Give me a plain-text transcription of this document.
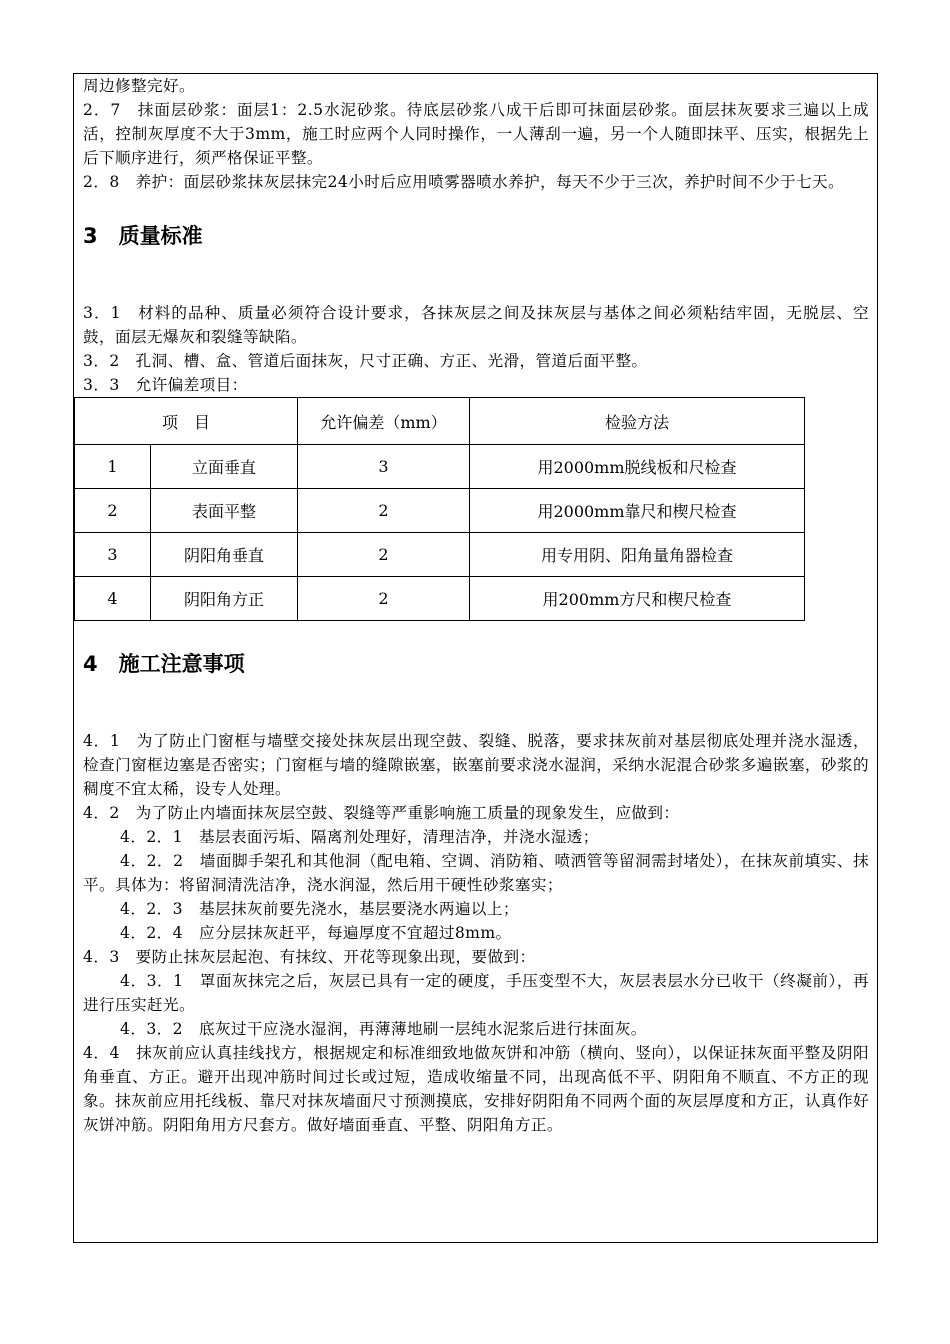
周边修整完好。

2．7　抹面层砂浆：面层1：2.5水泥砂浆。待底层砂浆八成干后即可抹面层砂浆。面层抹灰要求三遍以上成活，控制灰厚度不大于3mm，施工时应两个人同时操作，一人薄刮一遍，另一个人随即抹平、压实，根据先上后下顺序进行，须严格保证平整。

2．8　养护：面层砂浆抹灰层抹完24小时后应用喷雾器喷水养护，每天不少于三次，养护时间不少于七天。

3　质量标准

3．1　材料的品种、质量必须符合设计要求，各抹灰层之间及抹灰层与基体之间必须粘结牢固，无脱层、空鼓，面层无爆灰和裂缝等缺陷。

3．2　孔洞、槽、盒、管道后面抹灰，尺寸正确、方正、光滑，管道后面平整。

3．3　允许偏差项目：

项　目		允许偏差（mm）	检验方法
1	立面垂直	3	用2000mm脱线板和尺检查
2	表面平整	2	用2000mm靠尺和楔尺检查
3	阴阳角垂直	2	用专用阴、阳角量角器检查
4	阴阳角方正	2	用200mm方尺和楔尺检查
4　施工注意事项

4．1　为了防止门窗框与墙壁交接处抹灰层出现空鼓、裂缝、脱落，要求抹灰前对基层彻底处理并浇水湿透，检查门窗框边塞是否密实；门窗框与墙的缝隙嵌塞，嵌塞前要求浇水湿润，采纳水泥混合砂浆多遍嵌塞，砂浆的稠度不宜太稀，设专人处理。

4．2　为了防止内墙面抹灰层空鼓、裂缝等严重影响施工质量的现象发生，应做到：

4．2．1　基层表面污垢、隔离剂处理好，清理洁净，并浇水湿透；

4．2．2　墙面脚手架孔和其他洞（配电箱、空调、消防箱、喷洒管等留洞需封堵处），在抹灰前填实、抹平。具体为：将留洞清洗洁净，浇水润湿，然后用干硬性砂浆塞实；

4．2．3　基层抹灰前要先浇水，基层要浇水两遍以上；

4．2．4　应分层抹灰赶平，每遍厚度不宜超过8mm。

4．3　要防止抹灰层起泡、有抹纹、开花等现象出现，要做到：

4．3．1　罩面灰抹完之后，灰层已具有一定的硬度，手压变型不大，灰层表层水分已收干（终凝前），再进行压实赶光。

4．3．2　底灰过干应浇水湿润，再薄薄地刷一层纯水泥浆后进行抹面灰。

4．4　抹灰前应认真挂线找方，根据规定和标准细致地做灰饼和冲筋（横向、竖向），以保证抹灰面平整及阴阳角垂直、方正。避开出现冲筋时间过长或过短，造成收缩量不同，出现高低不平、阴阳角不顺直、不方正的现象。抹灰前应用托线板、靠尺对抹灰墙面尺寸预测摸底，安排好阴阳角不同两个面的灰层厚度和方正，认真作好灰饼冲筋。阴阳角用方尺套方。做好墙面垂直、平整、阴阳角方正。
